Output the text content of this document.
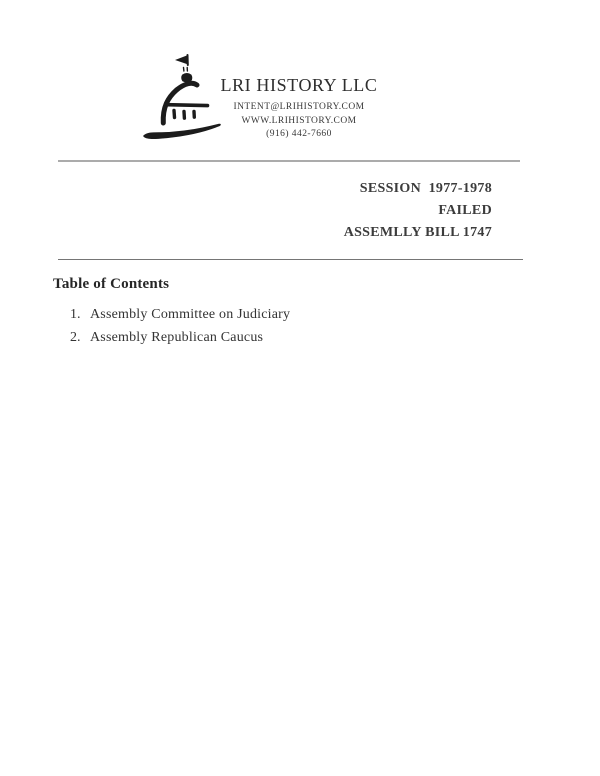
LRI HISTORY LLC
INTENT@LRIHISTORY.COM
WWW.LRIHISTORY.COM
(916) 442-7660
SESSION  1977-1978
FAILED
ASSEMLLY BILL 1747
Table of Contents
1. Assembly Committee on Judiciary
2. Assembly Republican Caucus
